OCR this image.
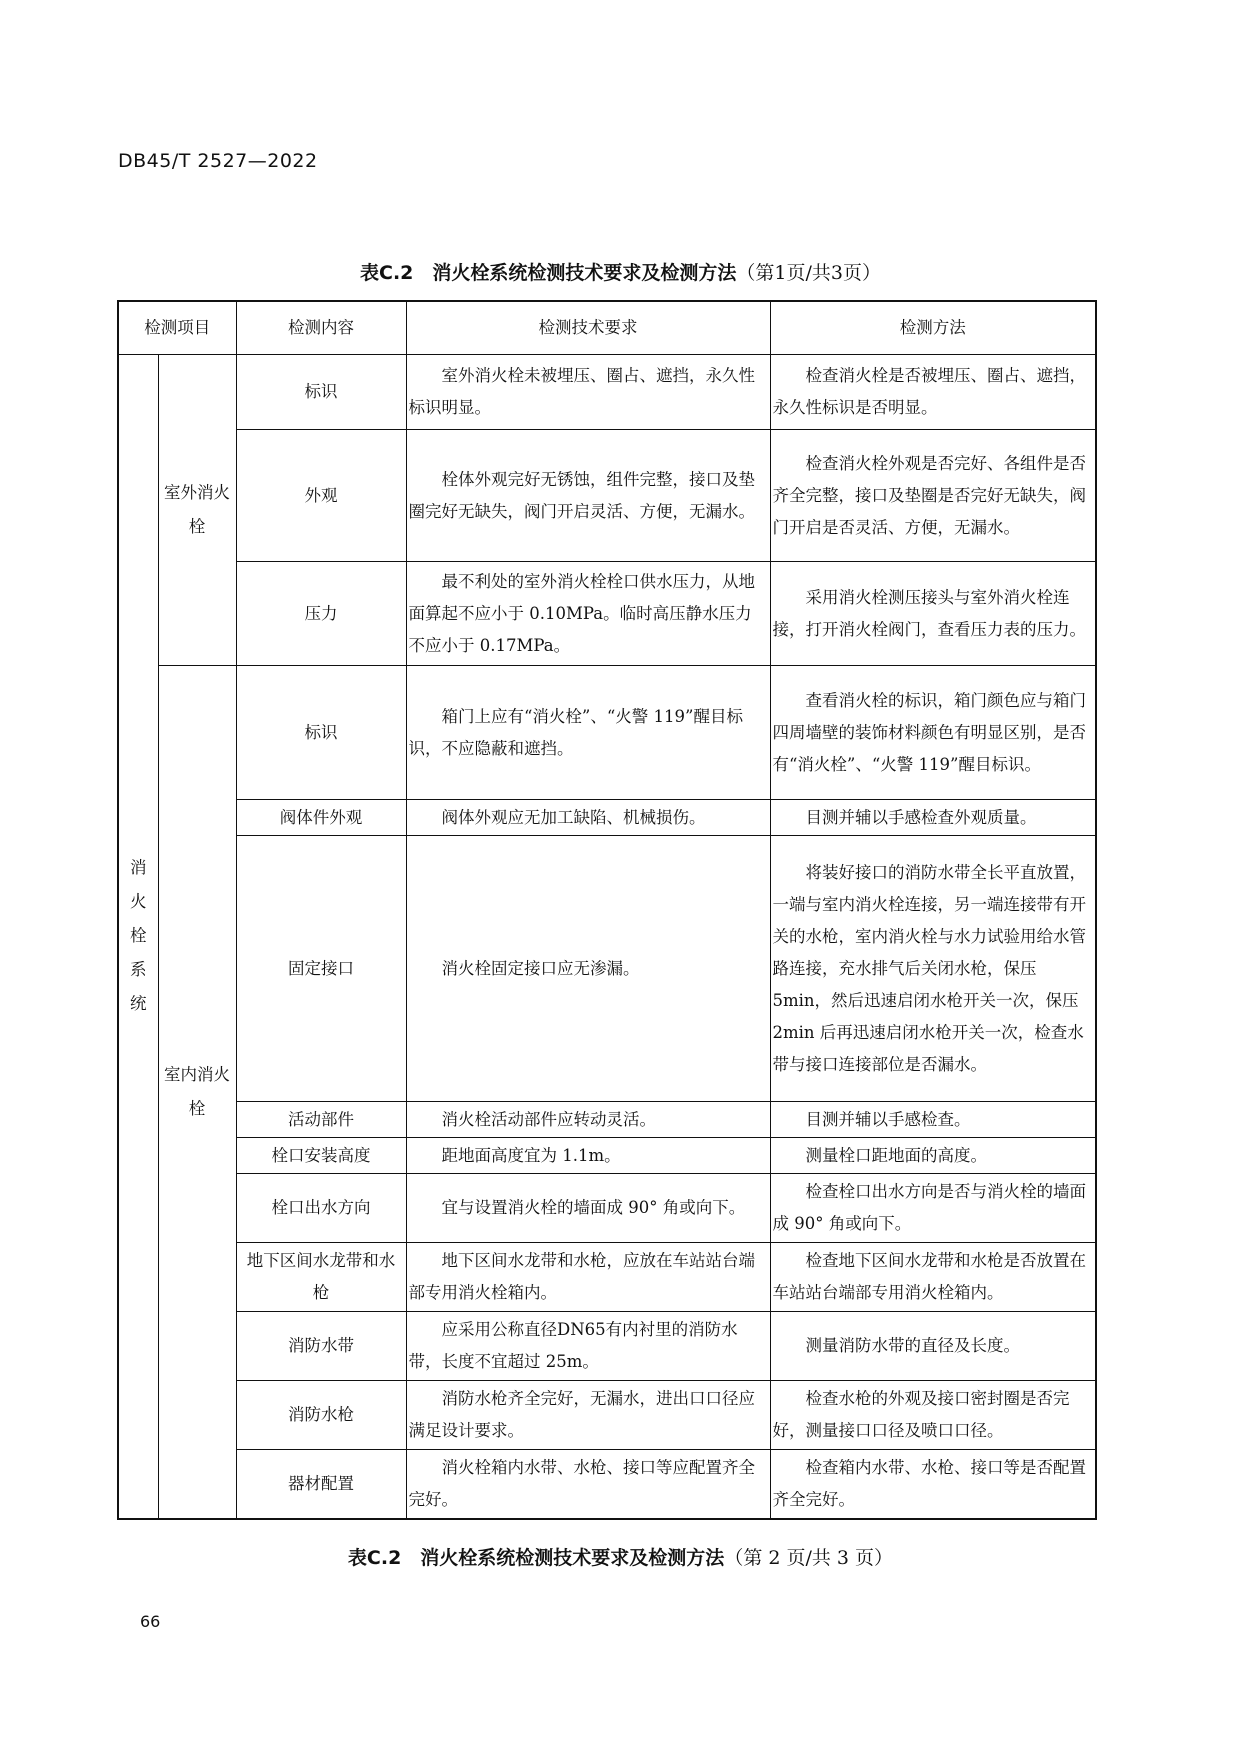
DB45/T 2527—2022
表C.2　消火栓系统检测技术要求及检测方法（第1页/共3页）
检测项目		检测内容	检测技术要求	检测方法
消火栓系统	室外消火栓	标识	室外消火栓未被埋压、圈占、遮挡，永久性标识明显。	检查消火栓是否被埋压、圈占、遮挡，永久性标识是否明显。
		外观	栓体外观完好无锈蚀，组件完整，接口及垫圈完好无缺失，阀门开启灵活、方便，无漏水。	检查消火栓外观是否完好、各组件是否齐全完整，接口及垫圈是否完好无缺失，阀门开启是否灵活、方便，无漏水。
		压力	最不利处的室外消火栓栓口供水压力，从地面算起不应小于 0.10MPa。临时高压静水压力不应小于 0.17MPa。	采用消火栓测压接头与室外消火栓连接，打开消火栓阀门，查看压力表的压力。
	室内消火栓	标识	箱门上应有“消火栓”、“火警 119”醒目标识，不应隐蔽和遮挡。	查看消火栓的标识，箱门颜色应与箱门四周墙壁的装饰材料颜色有明显区别，是否有“消火栓”、“火警 119”醒目标识。
		阀体件外观	阀体外观应无加工缺陷、机械损伤。	目测并辅以手感检查外观质量。
		固定接口	消火栓固定接口应无渗漏。	将装好接口的消防水带全长平直放置，一端与室内消火栓连接，另一端连接带有开关的水枪，室内消火栓与水力试验用给水管路连接，充水排气后关闭水枪，保压 5min，然后迅速启闭水枪开关一次，保压 2min 后再迅速启闭水枪开关一次，检查水带与接口连接部位是否漏水。
		活动部件	消火栓活动部件应转动灵活。	目测并辅以手感检查。
		栓口安装高度	距地面高度宜为 1.1m。	测量栓口距地面的高度。
		栓口出水方向	宜与设置消火栓的墙面成 90° 角或向下。	检查栓口出水方向是否与消火栓的墙面成 90° 角或向下。
		地下区间水龙带和水枪	地下区间水龙带和水枪，应放在车站站台端部专用消火栓箱内。	检查地下区间水龙带和水枪是否放置在车站站台端部专用消火栓箱内。
		消防水带	应采用公称直径DN65有内衬里的消防水带，长度不宜超过 25m。	测量消防水带的直径及长度。
		消防水枪	消防水枪齐全完好，无漏水，进出口口径应满足设计要求。	检查水枪的外观及接口密封圈是否完好，测量接口口径及喷口口径。
		器材配置	消火栓箱内水带、水枪、接口等应配置齐全完好。	检查箱内水带、水枪、接口等是否配置齐全完好。
表C.2　消火栓系统检测技术要求及检测方法（第 2 页/共 3 页）
66
